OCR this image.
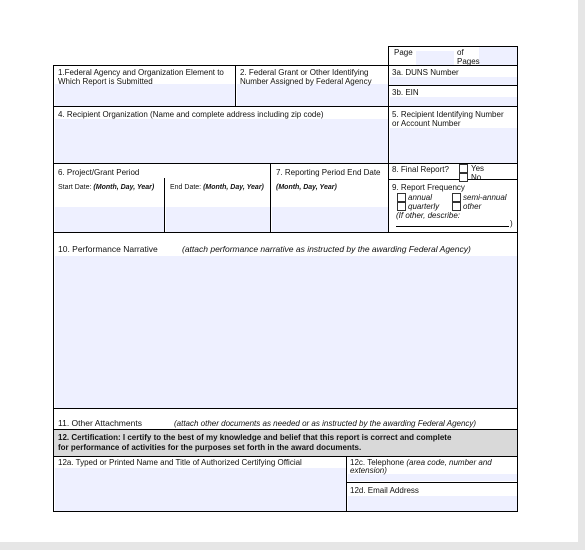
Page	of
Pages
1.Federal Agency and Organization Element to
Which Report is Submitted
2. Federal Grant or Other Identifying
Number Assigned by Federal Agency
3a. DUNS Number
3b. EIN
4. Recipient Organization (Name and complete address including zip code)	5. Recipient Identifying Number
or Account Number
6. Project/Grant Period
Start Date: (Month, Day, Year) End Date: (Month, Day, Year)
7. Reporting Period End Date
(Month, Day, Year)
8. Final Report?	Yes
No
9. Report Frequency
annual	semi-annual
quarterly	other
(If other, describe:
)
10. Performance Narrative	(attach performance narrative as instructed by the awarding Federal Agency)
11. Other Attachments	(attach other documents as needed or as instructed by the awarding Federal Agency)
12. Certification: I certify to the best of my knowledge and belief that this report is correct and complete
for performance of activities for the purposes set forth in the award documents.
12a. Typed or Printed Name and Title of Authorized Certifying Official	12c. Telephone (area code, number and
extension)
12d. Email Address
